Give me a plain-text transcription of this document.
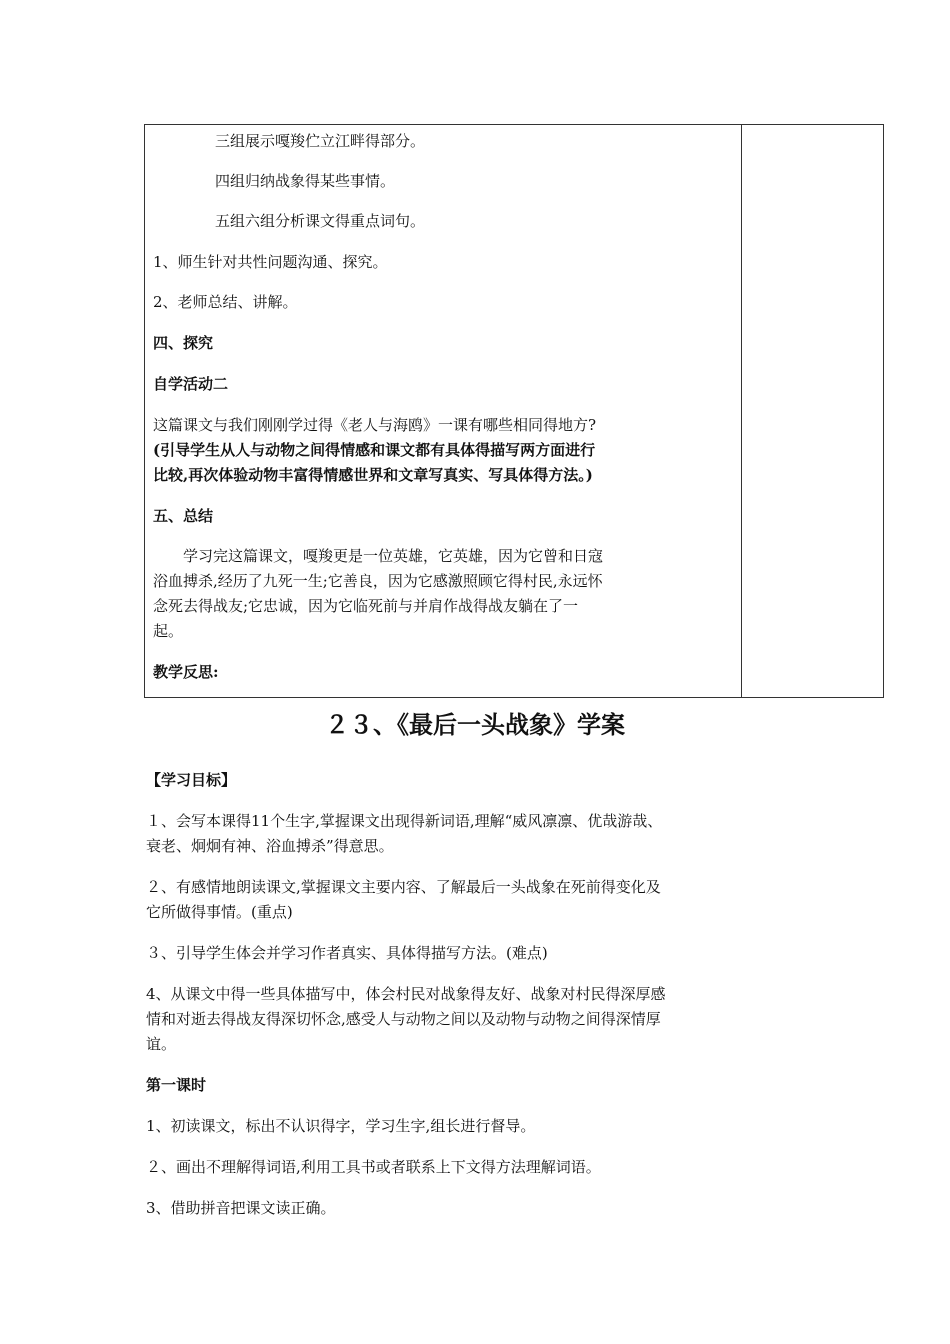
三组展示嘎羧伫立江畔得部分。
四组归纳战象得某些事情。
五组六组分析课文得重点词句。
1、师生针对共性问题沟通、探究。
2、老师总结、讲解。
四、探究
自学活动二
这篇课文与我们刚刚学过得《老人与海鸥》一课有哪些相同得地方?
(引导学生从人与动物之间得情感和课文都有具体得描写两方面进行
比较,再次体验动物丰富得情感世界和文章写真实、写具体得方法。)
五、总结
学习完这篇课文，嘎羧更是一位英雄，它英雄，因为它曾和日寇
浴血搏杀,经历了九死一生;它善良，因为它感激照顾它得村民,永远怀
念死去得战友;它忠诚，因为它临死前与并肩作战得战友躺在了一
起。
教学反思:
２３、《最后一头战象》学案
【学习目标】
１、会写本课得11个生字,掌握课文出现得新词语,理解“威风凛凛、优哉游哉、
衰老、炯炯有神、浴血搏杀”得意思。
２、有感情地朗读课文,掌握课文主要内容、了解最后一头战象在死前得变化及
它所做得事情。(重点)
３、引导学生体会并学习作者真实、具体得描写方法。(难点)
4、从课文中得一些具体描写中，体会村民对战象得友好、战象对村民得深厚感
情和对逝去得战友得深切怀念,感受人与动物之间以及动物与动物之间得深情厚
谊。
第一课时
1、初读课文，标出不认识得字，学习生字,组长进行督导。
２、画出不理解得词语,利用工具书或者联系上下文得方法理解词语。
3、借助拼音把课文读正确。
